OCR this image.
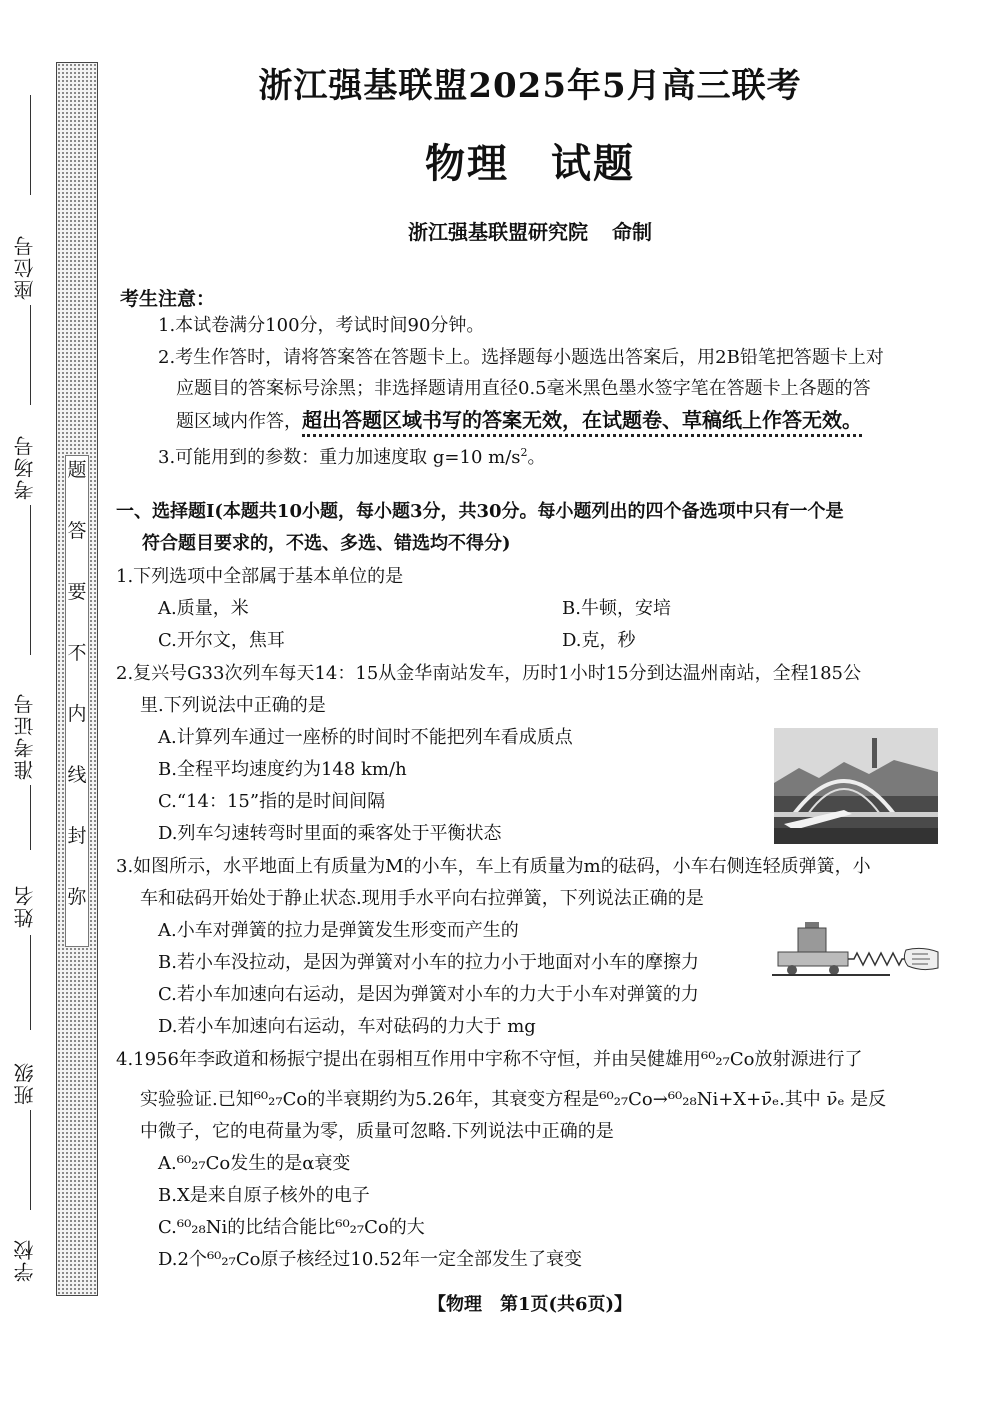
座位号
考场号
准考证号
姓名
班级
学校
题
答
要
不
内
线
封
弥
浙江强基联盟2025年5月高三联考
物理　试题
浙江强基联盟研究院 命制
考生注意：
1.本试卷满分100分，考试时间90分钟。
2.考生作答时，请将答案答在答题卡上。选择题每小题选出答案后，用2B铅笔把答题卡上对
应题目的答案标号涂黑；非选择题请用直径0.5毫米黑色墨水签字笔在答题卡上各题的答
题区域内作答，超出答题区域书写的答案无效，在试题卷、草稿纸上作答无效。
3.可能用到的参数：重力加速度取 g=10 $m/s^2$。
一、选择题Ⅰ(本题共10小题，每小题3分，共30分。每小题列出的四个备选项中只有一个是
符合题目要求的，不选、多选、错选均不得分)
1.下列选项中全部属于基本单位的是
A.质量，米	B.牛顿，安培
C.开尔文，焦耳	D.克，秒
2.复兴号G33次列车每天14：15从金华南站发车，历时1小时15分到达温州南站，全程185公
里.下列说法中正确的是
A.计算列车通过一座桥的时间时不能把列车看成质点
B.全程平均速度约为148 km/h
C.“14：15”指的是时间间隔
D.列车匀速转弯时里面的乘客处于平衡状态
3.如图所示，水平地面上有质量为M的小车，车上有质量为m的砝码，小车右侧连轻质弹簧，小
车和砝码开始处于静止状态.现用手水平向右拉弹簧，下列说法正确的是
A.小车对弹簧的拉力是弹簧发生形变而产生的
B.若小车没拉动，是因为弹簧对小车的拉力小于地面对小车的摩擦力
C.若小车加速向右运动，是因为弹簧对小车的力大于小车对弹簧的力
D.若小车加速向右运动，车对砝码的力大于 mg
4.1956年李政道和杨振宁提出在弱相互作用中宇称不守恒，并由吴健雄用⁶⁰₂₇Co放射源进行了
实验验证.已知⁶⁰₂₇Co的半衰期约为5.26年，其衰变方程是⁶⁰₂₇Co→⁶⁰₂₈Ni+X+ν̄ₑ.其中 ν̄ₑ 是反
中微子，它的电荷量为零，质量可忽略.下列说法中正确的是
A.⁶⁰₂₇Co发生的是α衰变
B.X是来自原子核外的电子
C.⁶⁰₂₈Ni的比结合能比⁶⁰₂₇Co的大
D.2个⁶⁰₂₇Co原子核经过10.52年一定全部发生了衰变
【物理　第1页(共6页)】
